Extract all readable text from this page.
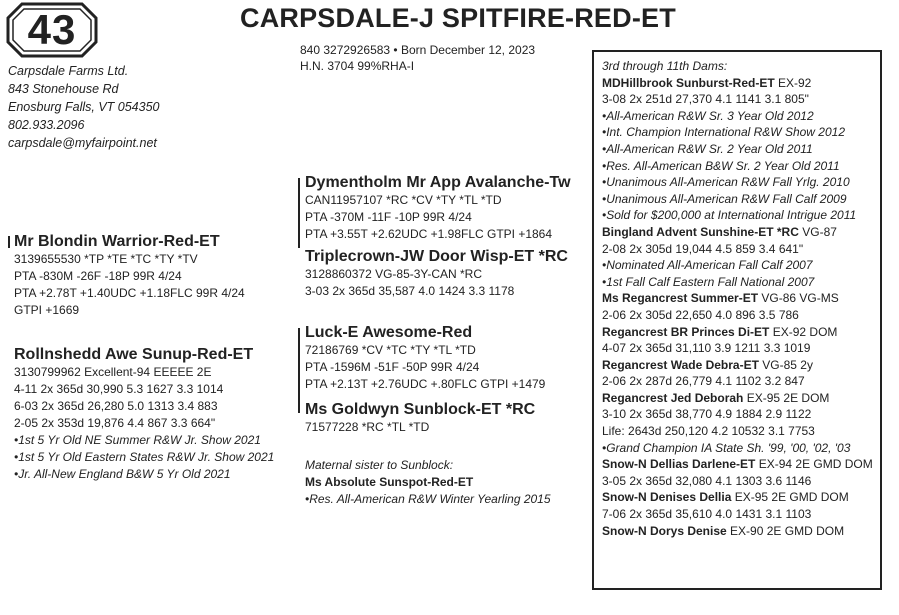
43	CARPSDALE-J SPITFIRE-RED-ET
Carpsdale Farms Ltd.
843 Stonehouse Rd
Enosburg Falls, VT 054350
802.933.2096
carpsdale@myfairpoint.net
840 3272926583 • Born December 12, 2023
H.N. 3704 99%RHA-I
Dymentholm Mr App Avalanche-Tw
CAN11957107 *RC *CV *TY *TL *TD
PTA -370M -11F -10P 99R 4/24
PTA +3.55T +2.62UDC +1.98FLC GTPI +1864
Triplecrown-JW Door Wisp-ET *RC
3128860372 VG-85-3Y-CAN *RC
3-03 2x 365d 35,587 4.0 1424 3.3 1178
Mr Blondin Warrior-Red-ET
3139655530 *TP *TE *TC *TY *TV
PTA -830M -26F -18P 99R 4/24
PTA +2.78T +1.40UDC +1.18FLC 99R 4/24
GTPI +1669
Rollnshedd Awe Sunup-Red-ET
3130799962 Excellent-94 EEEEE 2E
4-11 2x 365d 30,990 5.3 1627 3.3 1014
6-03 2x 365d 26,280 5.0 1313 3.4 883
2-05 2x 353d 19,876 4.4 867 3.3 664"
•1st 5 Yr Old NE Summer R&W Jr. Show 2021
•1st 5 Yr Old Eastern States R&W Jr. Show 2021
•Jr. All-New England B&W 5 Yr Old 2021
Luck-E Awesome-Red
72186769 *CV *TC *TY *TL *TD
PTA -1596M -51F -50P 99R 4/24
PTA +2.13T +2.76UDC +.80FLC GTPI +1479
Ms Goldwyn Sunblock-ET *RC
71577228 *RC *TL *TD
Maternal sister to Sunblock:
Ms Absolute Sunspot-Red-ET
•Res. All-American R&W Winter Yearling 2015
3rd through 11th Dams:
MDHillbrook Sunburst-Red-ET EX-92
3-08 2x 251d 27,370 4.1 1141 3.1 805"
•All-American R&W Sr. 3 Year Old 2012
•Int. Champion International R&W Show 2012
•All-American R&W Sr. 2 Year Old 2011
•Res. All-American B&W Sr. 2 Year Old 2011
•Unanimous All-American R&W Fall Yrlg. 2010
•Unanimous All-American R&W Fall Calf 2009
•Sold for $200,000 at International Intrigue 2011
Bingland Advent Sunshine-ET *RC VG-87
2-08 2x 305d 19,044 4.5 859 3.4 641"
•Nominated All-American Fall Calf 2007
•1st Fall Calf Eastern Fall National 2007
Ms Regancrest Summer-ET VG-86 VG-MS
2-06 2x 305d 22,650 4.0 896 3.5 786
Regancrest BR Princes Di-ET EX-92 DOM
4-07 2x 365d 31,110 3.9 1211 3.3 1019
Regancrest Wade Debra-ET VG-85 2y
2-06 2x 287d 26,779 4.1 1102 3.2 847
Regancrest Jed Deborah EX-95 2E DOM
3-10 2x 365d 38,770 4.9 1884 2.9 1122
Life: 2643d 250,120 4.2 10532 3.1 7753
•Grand Champion IA State Sh. '99, '00, '02, '03
Snow-N Dellias Darlene-ET EX-94 2E GMD DOM
3-05 2x 365d 32,080 4.1 1303 3.6 1146
Snow-N Denises Dellia EX-95 2E GMD DOM
7-06 2x 365d 35,610 4.0 1431 3.1 1103
Snow-N Dorys Denise EX-90 2E GMD DOM
